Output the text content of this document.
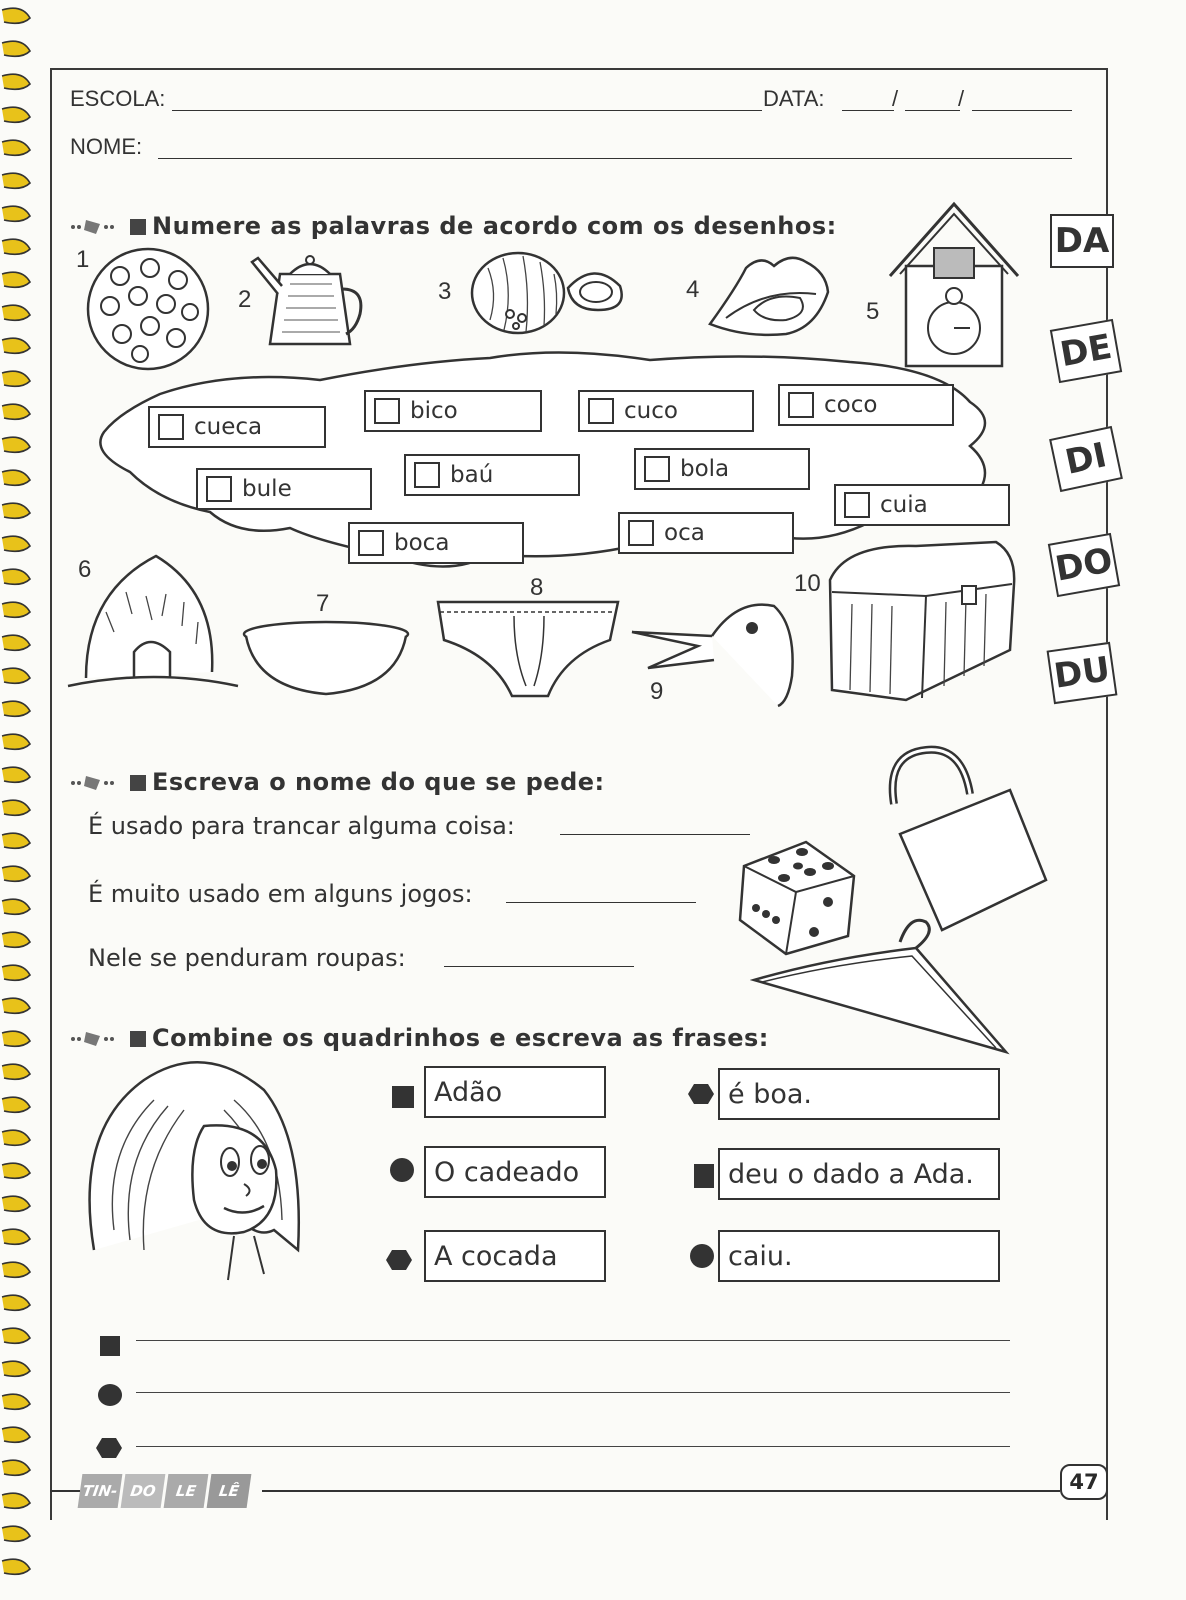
ESCOLA:	DATA:	/	/
NOME:
Numere as palavras de acordo com os desenhos:
1
2	3	4
5
DA
DE
DI
DO
DU
cueca
bico	cuco	coco
bule
baú	bola
cuia
boca	oca
6
7
8
9
10
Escreva o nome do que se pede:
É usado para trancar alguma coisa:
É muito usado em alguns jogos:
Nele se penduram roupas:
Combine os quadrinhos e escreva as frases:
Adão
O cadeado
A cocada
é boa.
deu o dado a Ada.
caiu.
TIN- DO LE LÊ	47
